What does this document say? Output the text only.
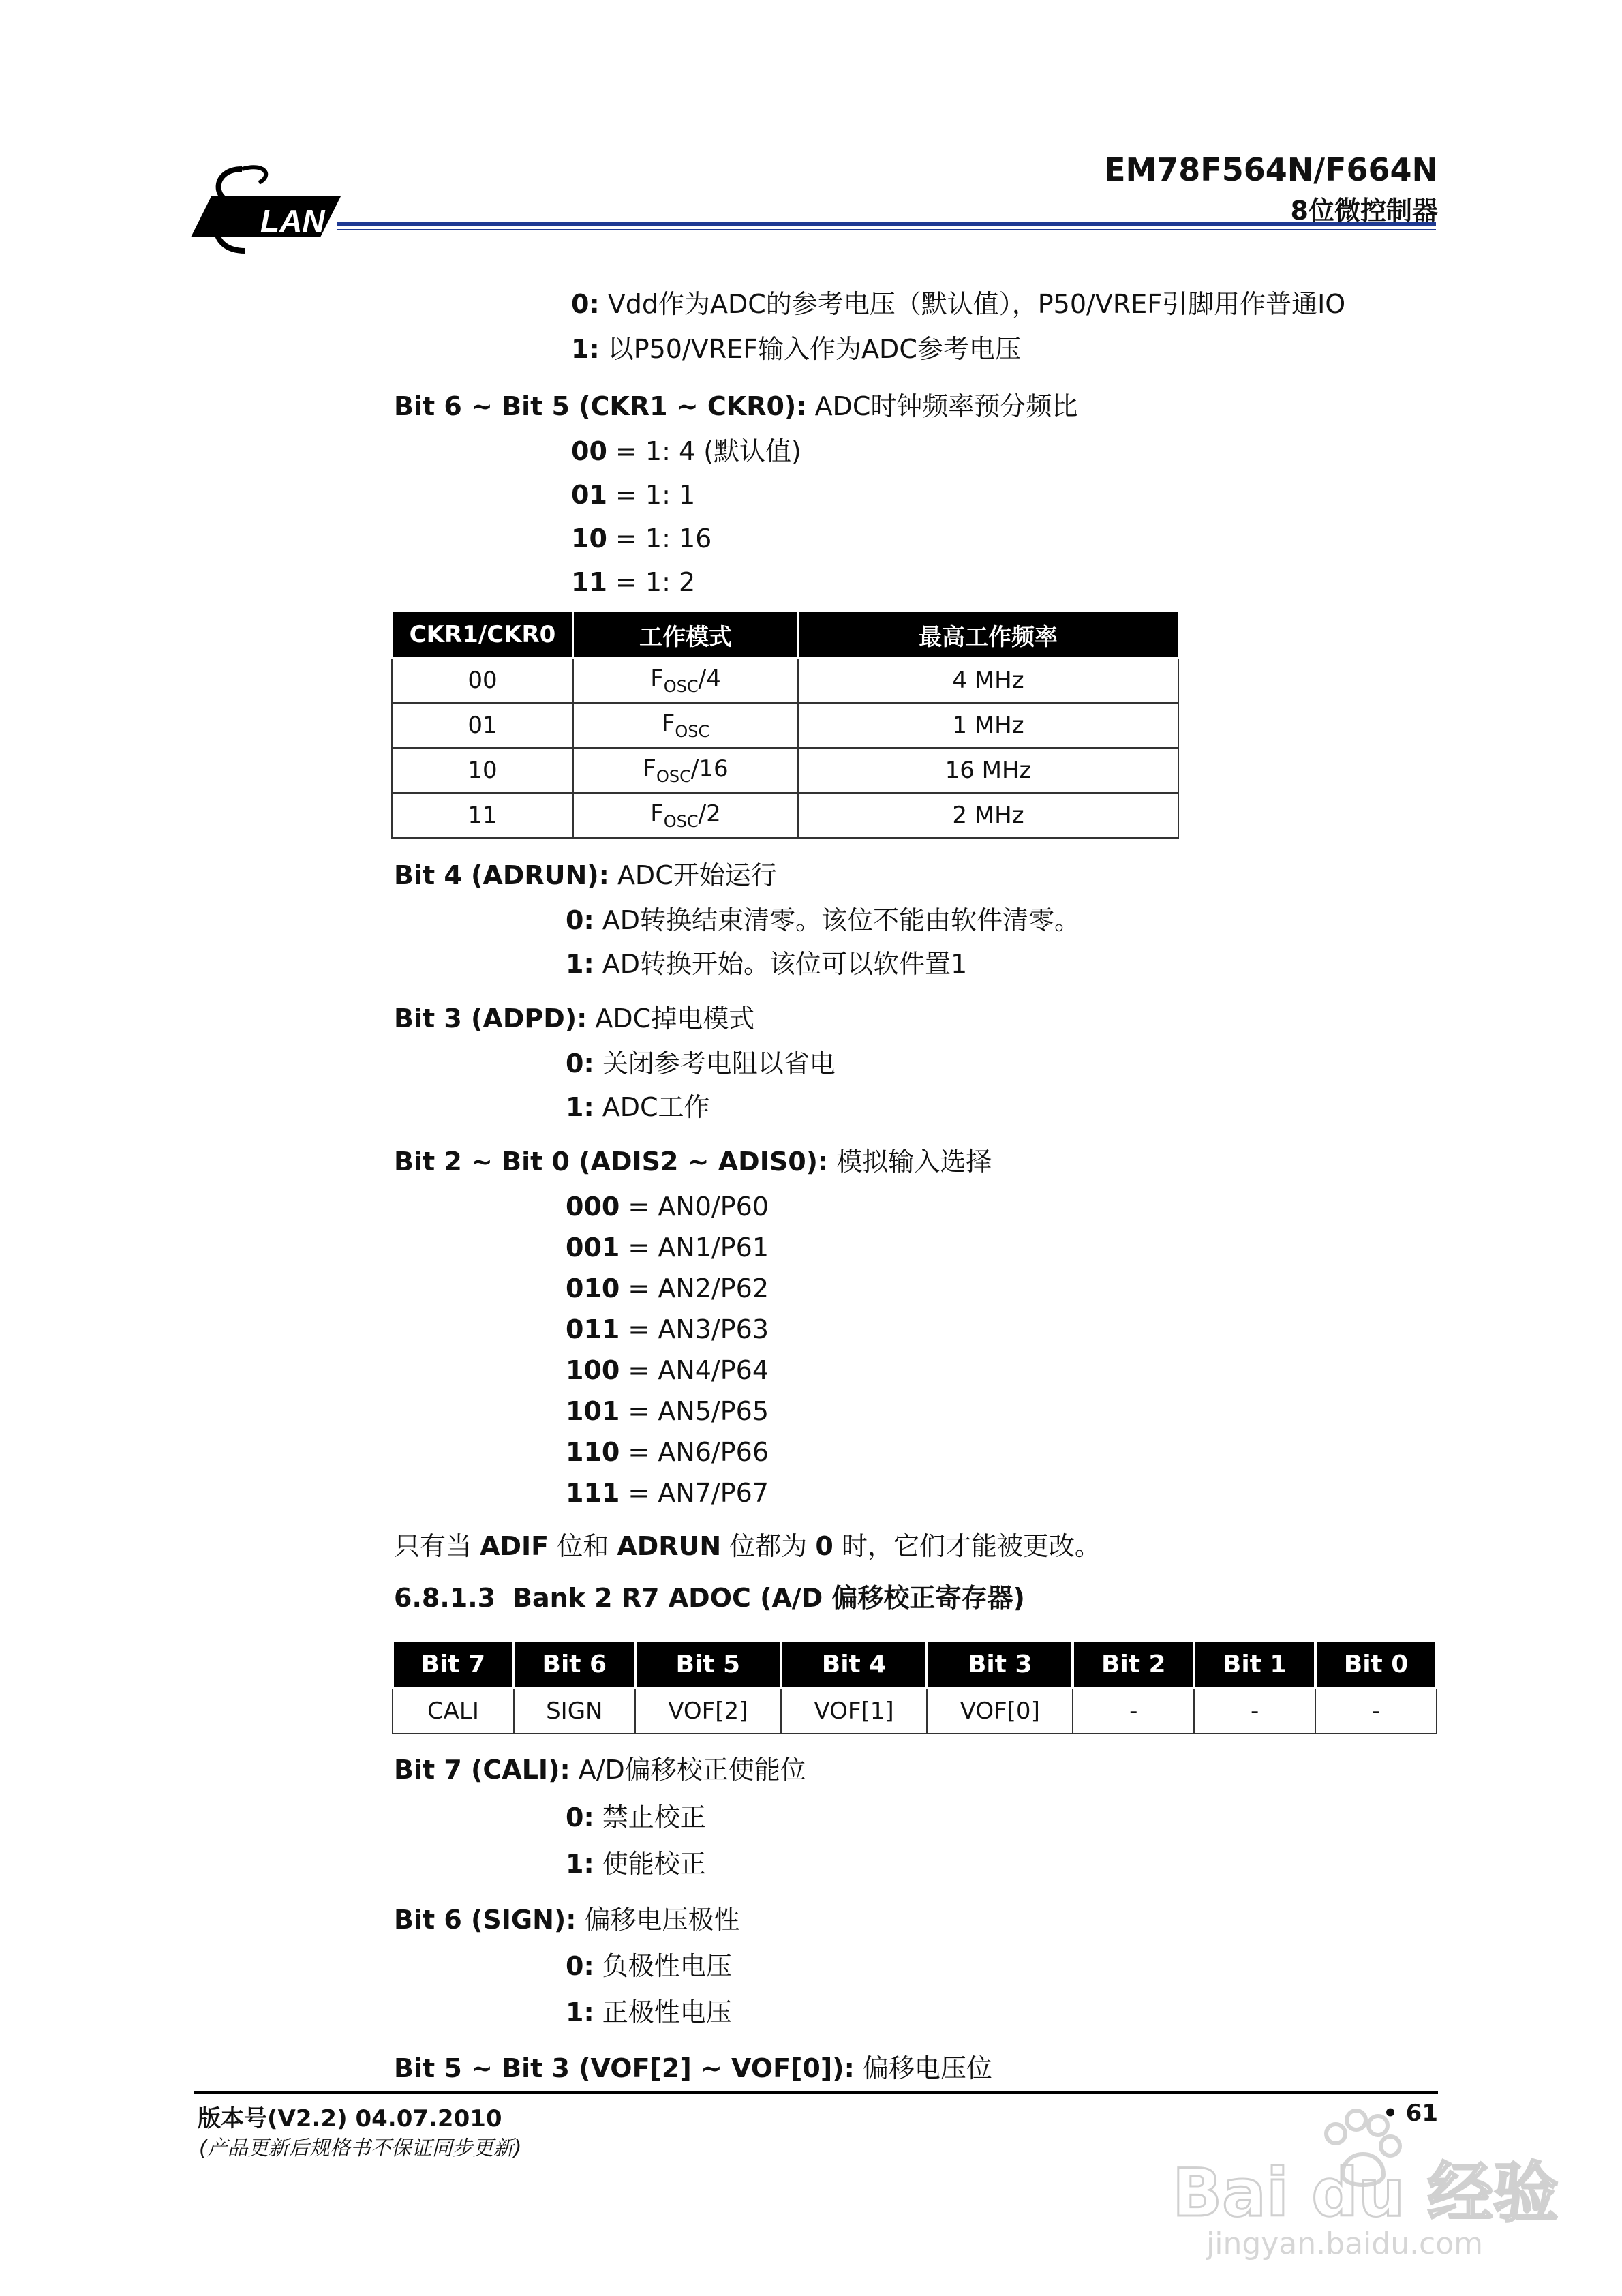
LAN
EM78F564N/F664N
8位微控制器
0: Vdd作为ADC的参考电压（默认值），P50/VREF引脚用作普通IO
1: 以P50/VREF输入作为ADC参考电压
Bit 6 ~ Bit 5 (CKR1 ~ CKR0): ADC时钟频率预分频比
00 = 1: 4 (默认值)
01 = 1: 1
10 = 1: 16
11 = 1: 2
CKR1/CKR0	工作模式	最高工作频率
00	$F_{OSC}/4$	4 MHz
01	$F_{OSC}$	1 MHz
10	$F_{OSC}/16$	16 MHz
11	$F_{OSC}/2$	2 MHz
Bit 4 (ADRUN): ADC开始运行
0: AD转换结束清零。该位不能由软件清零。
1: AD转换开始。该位可以软件置1
Bit 3 (ADPD): ADC掉电模式
0: 关闭参考电阻以省电
1: ADC工作
Bit 2 ~ Bit 0 (ADIS2 ~ ADIS0): 模拟输入选择
000 = AN0/P60
001 = AN1/P61
010 = AN2/P62
011 = AN3/P63
100 = AN4/P64
101 = AN5/P65
110 = AN6/P66
111 = AN7/P67
只有当 ADIF 位和 ADRUN 位都为 0 时，它们才能被更改。
6.8.1.3 Bank 2 R7 ADOC (A/D 偏移校正寄存器)
Bit 7	Bit 6	Bit 5	Bit 4	Bit 3	Bit 2	Bit 1	Bit 0
CALI	SIGN	VOF[2]	VOF[1]	VOF[0]	-	-	-
Bit 7 (CALI): A/D偏移校正使能位
0: 禁止校正
1: 使能校正
Bit 6 (SIGN): 偏移电压极性
0: 负极性电压
1: 正极性电压
Bit 5 ~ Bit 3 (VOF[2] ~ VOF[0]): 偏移电压位
版本号(V2.2) 04.07.2010
(产品更新后规格书不保证同步更新)
• 61
Bai du 经验
jingyan.baidu.com
